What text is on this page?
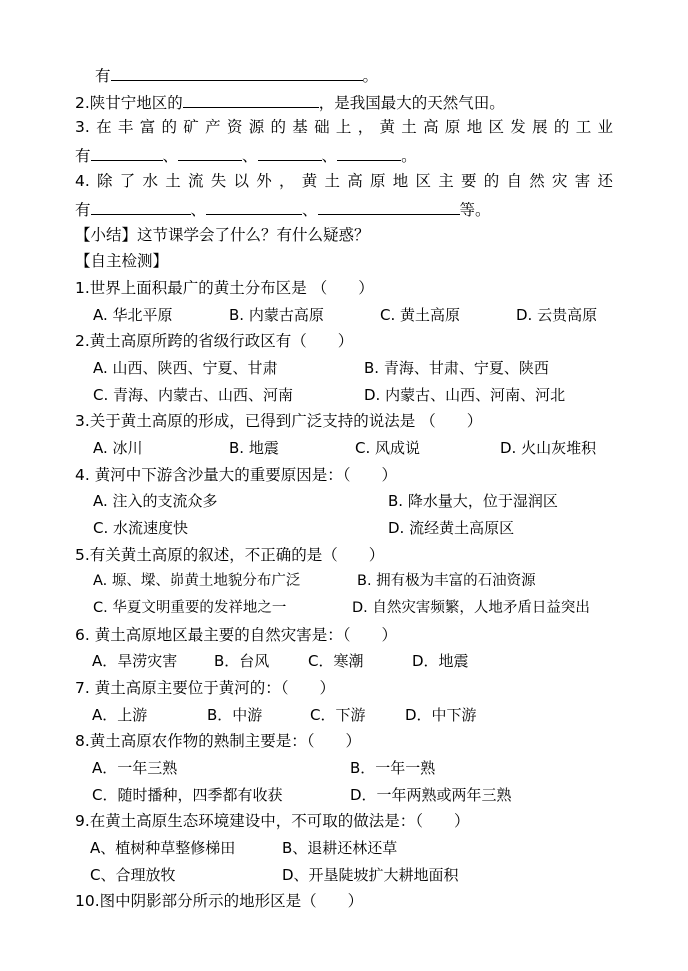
有	。
2.陕甘宁地区的	，是我国最大的天然气田。
3.在丰富的矿产资源的基础上，黄土高原地区发展的工业
有	、	、	、	。
4.除了水土流失以外，黄土高原地区主要的自然灾害还
有	、	、	等。
【小结】这节课学会了什么？有什么疑惑？
【自主检测】
1.世界上面积最广的黄土分布区是 （　　）
A. 华北平原	B. 内蒙古高原	C. 黄土高原	D. 云贵高原
2.黄土高原所跨的省级行政区有（　　）
A. 山西、陕西、宁夏、甘肃	B. 青海、甘肃、宁夏、陕西
C. 青海、内蒙古、山西、河南	D. 内蒙古、山西、河南、河北
3.关于黄土高原的形成，已得到广泛支持的说法是 （　　）
A. 冰川	B. 地震	C. 风成说	D. 火山灰堆积
4. 黄河中下游含沙量大的重要原因是：（　　）
A. 注入的支流众多	B. 降水量大，位于湿润区
C. 水流速度快	D. 流经黄土高原区
5.有关黄土高原的叙述，不正确的是（　　）
A. 塬、墚、峁黄土地貌分布广泛	B. 拥有极为丰富的石油资源
C. 华夏文明重要的发祥地之一	D. 自然灾害频繁，人地矛盾日益突出
6. 黄土高原地区最主要的自然灾害是：（　　）
A．旱涝灾害 B．台风	C．寒潮	D．地震
7. 黄土高原主要位于黄河的：（　　）
A．上游	B．中游	C．下游	D．中下游
8.黄土高原农作物的熟制主要是：（　　）
A．一年三熟	B．一年一熟
C．随时播种，四季都有收获	D．一年两熟或两年三熟
9.在黄土高原生态环境建设中，不可取的做法是：（　　）
A、植树种草整修梯田	B、退耕还林还草
C、合理放牧	D、开垦陡坡扩大耕地面积
10.图中阴影部分所示的地形区是（　　）
